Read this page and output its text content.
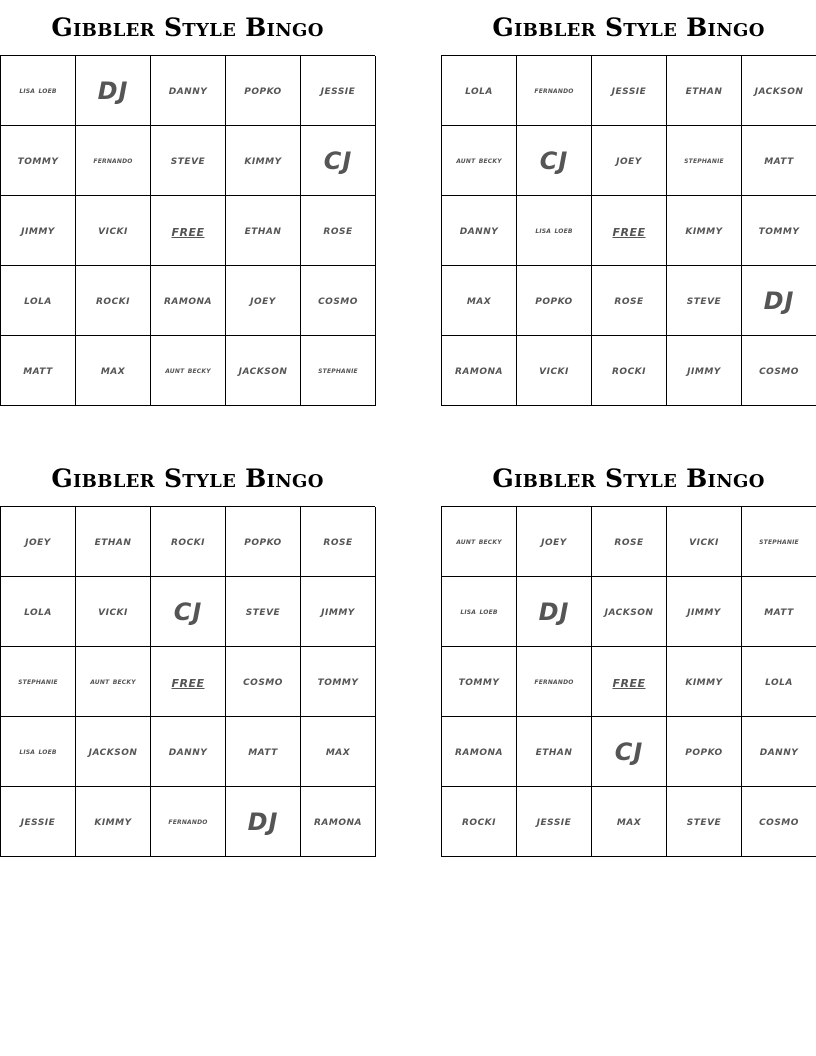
Gibbler Style Bingo
lisa loeb	DJ	danny	popko	jessie
tommy	fernando	steve	kimmy	CJ
jimmy	vicki	free	ethan	rose
lola	rocki	ramona	joey	cosmo
matt	max	aunt becky	jackson	stephanie
Gibbler Style Bingo
lola	fernando	jessie	ethan	jackson
aunt becky	CJ	joey	stephanie	matt
danny	lisa loeb	free	kimmy	tommy
max	popko	rose	steve	DJ
ramona	vicki	rocki	jimmy	cosmo
Gibbler Style Bingo
joey	ethan	rocki	popko	rose
lola	vicki	CJ	steve	jimmy
stephanie	aunt becky	free	cosmo	tommy
lisa loeb	jackson	danny	matt	max
jessie	kimmy	fernando	DJ	ramona
Gibbler Style Bingo
aunt becky	joey	rose	vicki	stephanie
lisa loeb	DJ	jackson	jimmy	matt
tommy	fernando	free	kimmy	lola
ramona	ethan	CJ	popko	danny
rocki	jessie	max	steve	cosmo
